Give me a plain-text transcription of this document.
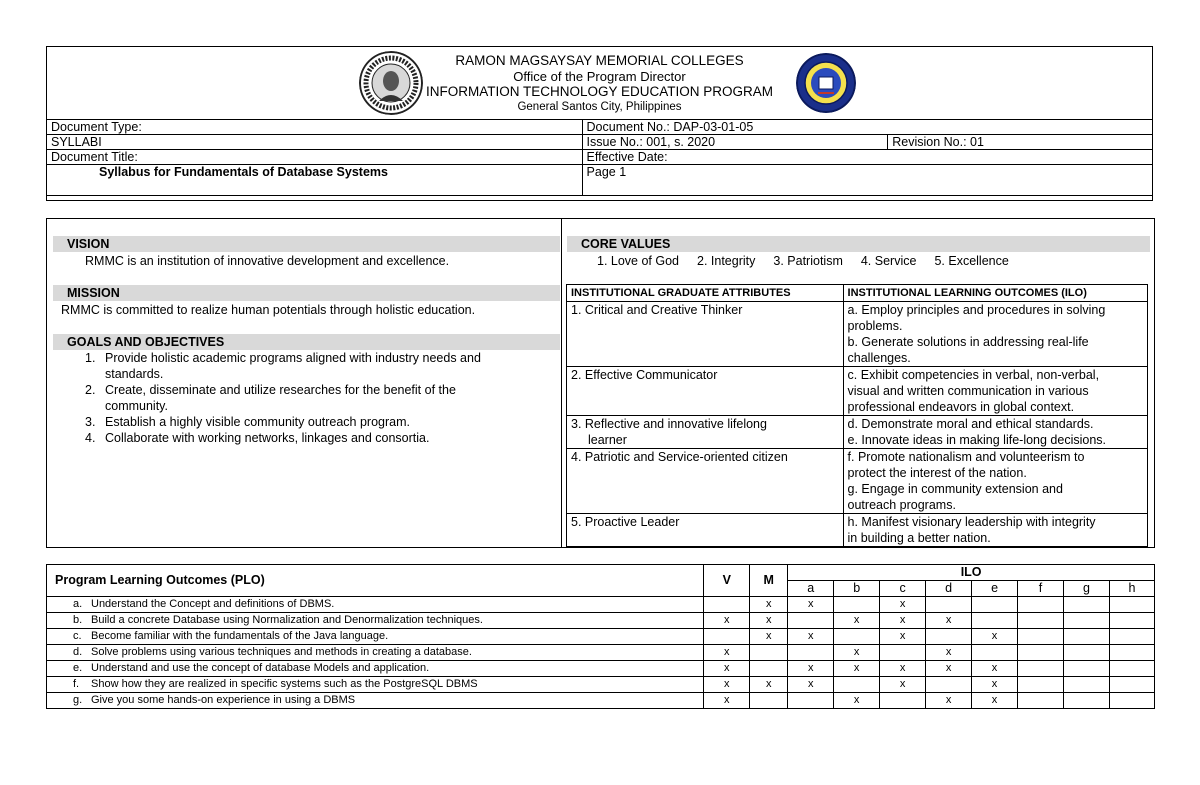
RAMON MAGSAYSAY MEMORIAL COLLEGES
Office of the Program Director
INFORMATION TECHNOLOGY EDUCATION PROGRAM
General Santos City, Philippines
Document Type:	Document No.: DAP-03-01-05	
SYLLABI	Issue No.: 001, s. 2020	Revision No.: 01
Document Title:	Effective Date:	
Syllabus for Fundamentals of Database Systems	Page 1	
VISION
RMMC is an institution of innovative development and excellence.
MISSION
RMMC is committed to realize human potentials through holistic education.
GOALS AND OBJECTIVES
1. Provide holistic academic programs aligned with industry needs and
standards.
2. Create, disseminate and utilize researches for the benefit of the
community.
3. Establish a highly visible community outreach program.
4. Collaborate with working networks, linkages and consortia.
CORE VALUES
1. Love of God 2. Integrity 3. Patriotism 4. Service 5. Excellence
INSTITUTIONAL GRADUATE ATTRIBUTES	INSTITUTIONAL LEARNING OUTCOMES (ILO)
1. Critical and Creative Thinker	a. Employ principles and procedures in solving
problems.
b. Generate solutions in addressing real-life
challenges.
2. Effective Communicator	c. Exhibit competencies in verbal, non-verbal,
visual and written communication in various
professional endeavors in global context.
3. Reflective and innovative lifelong
learner	d. Demonstrate moral and ethical standards.
e. Innovate ideas in making life-long decisions.
4. Patriotic and Service-oriented citizen	f. Promote nationalism and volunteerism to
protect the interest of the nation.
g. Engage in community extension and
outreach programs.
5. Proactive Leader	h. Manifest visionary leadership with integrity
in building a better nation.
Program Learning Outcomes (PLO)	V	M	ILO							
			a	b	c	d	e	f	g	h
a. Understand the Concept and definitions of DBMS.		x	x		x					
b. Build a concrete Database using Normalization and Denormalization techniques.	x	x		x	x	x				
c. Become familiar with the fundamentals of the Java language.		x	x		x		x			
d. Solve problems using various techniques and methods in creating a database.	x			x		x				
e. Understand and use the concept of database Models and application.	x		x	x	x	x	x			
f. Show how they are realized in specific systems such as the PostgreSQL DBMS	x	x	x		x		x			
g. Give you some hands-on experience in using a DBMS	x			x		x	x			
